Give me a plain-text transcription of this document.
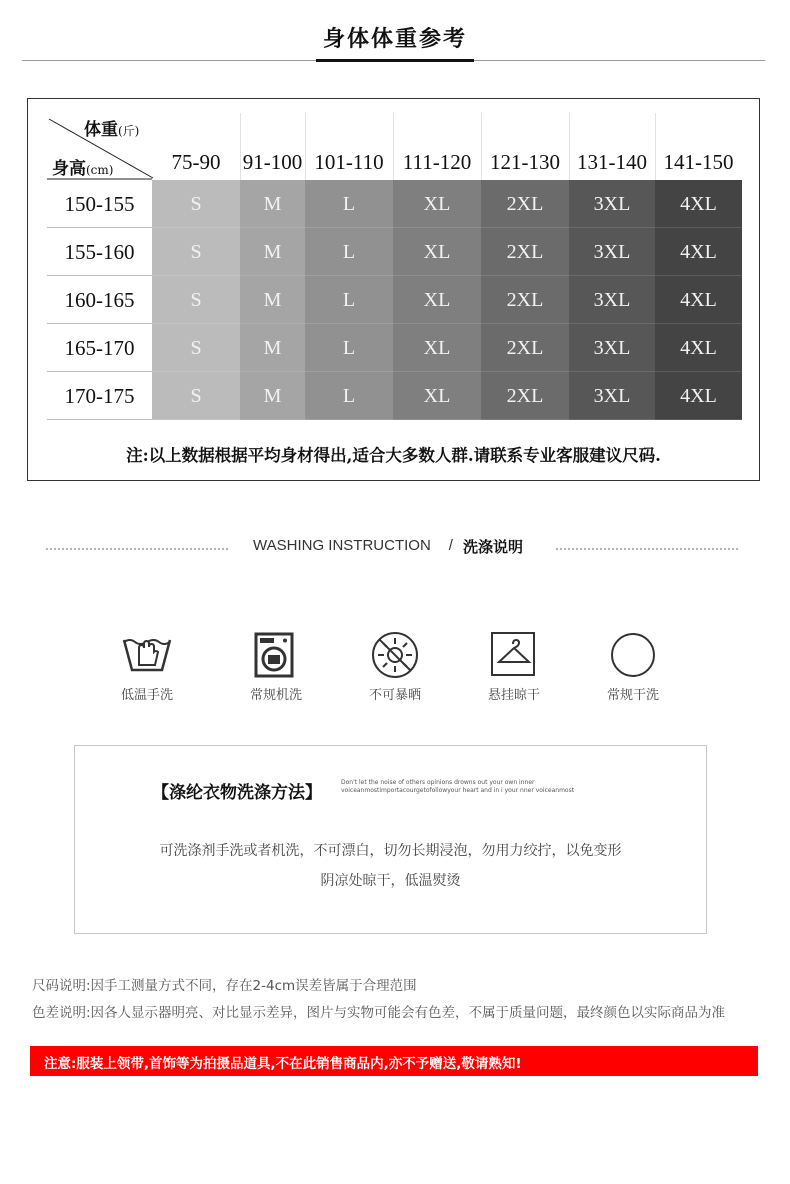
身体体重参考
体重(斤)
身高(cm)	75-90	91-100 101-110 111-120 121-130 131-140 141-150
150-155	S	M	L	XL	2XL	3XL	4XL
155-160	S	M	L	XL	2XL	3XL	4XL
160-165	S	M	L	XL	2XL	3XL	4XL
165-170	S	M	L	XL	2XL	3XL	4XL
170-175	S	M	L	XL	2XL	3XL	4XL
注:以上数据根据平均身材得出,适合大多数人群.请联系专业客服建议尺码.
WASHING INSTRUCTION / 洗涤说明
低温手洗	常规机洗	不可暴晒	悬挂晾干	常规干洗
【涤纶衣物洗涤方法】
Don't let the noise of others opinions drowns out your own inner
voiceanmostimportacourgetofollowyour heart and in i your nner voiceanmost
可洗涤剂手洗或者机洗，不可漂白，切勿长期浸泡，勿用力绞拧，以免变形
阴凉处晾干，低温熨烫
尺码说明:因手工测量方式不同，存在2-4cm误差皆属于合理范围
色差说明:因各人显示器明亮、对比显示差异，图片与实物可能会有色差，不属于质量问题，最终颜色以实际商品为准
注意:服装上领带,首饰等为拍摄品道具,不在此销售商品内,亦不予赠送,敬请熟知!
